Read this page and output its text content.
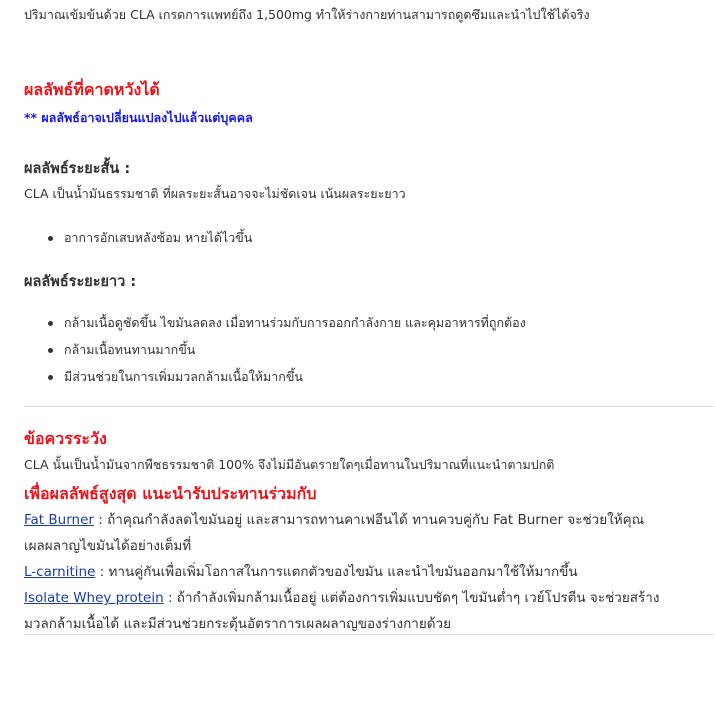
ปริมาณเข้มข้นด้วย CLA เกรดการแพทย์ถึง 1,500mg ทำให้ร่างกายท่านสามารถดูดซึมและนำไปใช้ได้จริง
ผลลัพธ์ที่คาดหวังได้
** ผลลัพธ์อาจเปลี่ยนแปลงไปแล้วแต่บุคคล
ผลลัพธ์ระยะสั้น :
CLA เป็นน้ำมันธรรมชาติ ที่ผลระยะสั้นอาจจะไม่ชัดเจน เน้นผลระยะยาว
อาการอักเสบหลังซ้อม หายได้ไวขึ้น
ผลลัพธ์ระยะยาว :
กล้ามเนื้อดูชัดขึ้น ไขมันลดลง เมื่อทานร่วมกับการออกกำลังกาย และคุมอาหารที่ถูกต้อง
กล้ามเนื้อทนทานมากขึ้น
มีส่วนช่วยในการเพิ่มมวลกล้ามเนื้อให้มากขึ้น
ข้อควรระวัง
CLA นั้นเป็นน้ำมันจากพืชธรรมชาติ 100% จึงไม่มีอันตรายใดๆเมื่อทานในปริมาณที่แนะนำตามปกติ
เพื่อผลลัพธ์สูงสุด แนะนำรับประทานร่วมกับ
Fat Burner : ถ้าคุณกำลังลดไขมันอยู่ และสามารถทานคาเฟอีนได้ ทานควบคู่กับ Fat Burner จะช่วยให้คุณ
เผลผลาญไขมันได้อย่างเต็มที่
L-carnitine : ทานคู่กันเพื่อเพิ่มโอกาสในการแตกตัวของไขมัน และนำไขมันออกมาใช้ให้มากขึ้น
Isolate Whey protein : ถ้ากำลังเพิ่มกล้ามเนื้ออยู่ แต่ต้องการเพิ่มแบบชัดๆ ไขมันต่ำๆ เวย์โปรตีน จะช่วยสร้าง
มวลกล้ามเนื้อได้ และมีส่วนช่วยกระตุ้นอัตราการเผลผลาญของร่างกายด้วย
